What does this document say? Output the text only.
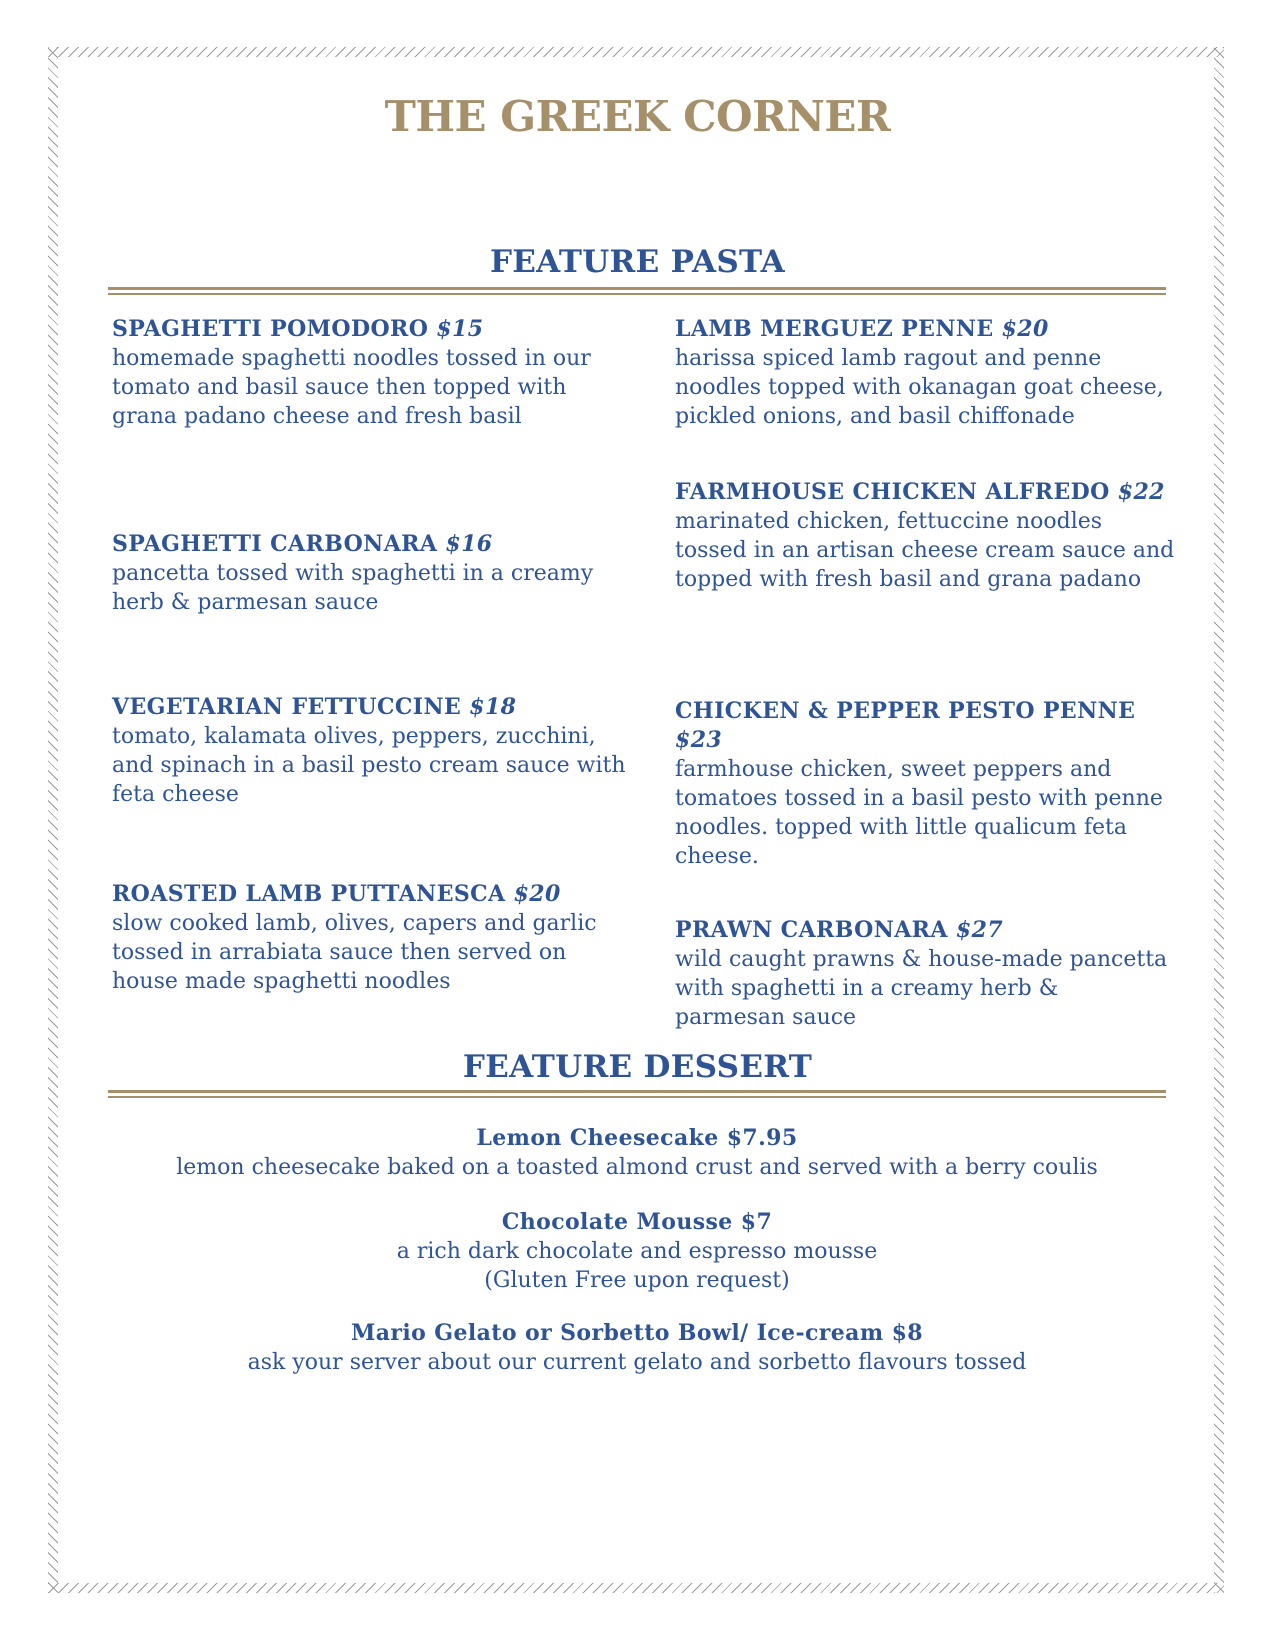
THE GREEK CORNER
FEATURE PASTA
SPAGHETTI POMODORO $15
homemade spaghetti noodles tossed in our tomato and basil sauce then topped with grana padano cheese and fresh basil
SPAGHETTI CARBONARA $16
pancetta tossed with spaghetti in a creamy herb & parmesan sauce
VEGETARIAN FETTUCCINE $18
tomato, kalamata olives, peppers, zucchini, and spinach in a basil pesto cream sauce with feta cheese
ROASTED LAMB PUTTANESCA $20
slow cooked lamb, olives, capers and garlic tossed in arrabiata sauce then served on house made spaghetti noodles
LAMB MERGUEZ PENNE $20
harissa spiced lamb ragout and penne noodles topped with okanagan goat cheese, pickled onions, and basil chiffonade
FARMHOUSE CHICKEN ALFREDO $22
marinated chicken, fettuccine noodles tossed in an artisan cheese cream sauce and topped with fresh basil and grana padano
CHICKEN & PEPPER PESTO PENNE $23
farmhouse chicken, sweet peppers and tomatoes tossed in a basil pesto with penne noodles. topped with little qualicum feta cheese.
PRAWN CARBONARA $27
wild caught prawns & house-made pancetta with spaghetti in a creamy herb & parmesan sauce
FEATURE DESSERT
Lemon Cheesecake $7.95
lemon cheesecake baked on a toasted almond crust and served with a berry coulis
Chocolate Mousse $7
a rich dark chocolate and espresso mousse
(Gluten Free upon request)
Mario Gelato or Sorbetto Bowl/ Ice-cream $8
ask your server about our current gelato and sorbetto flavours tossed
